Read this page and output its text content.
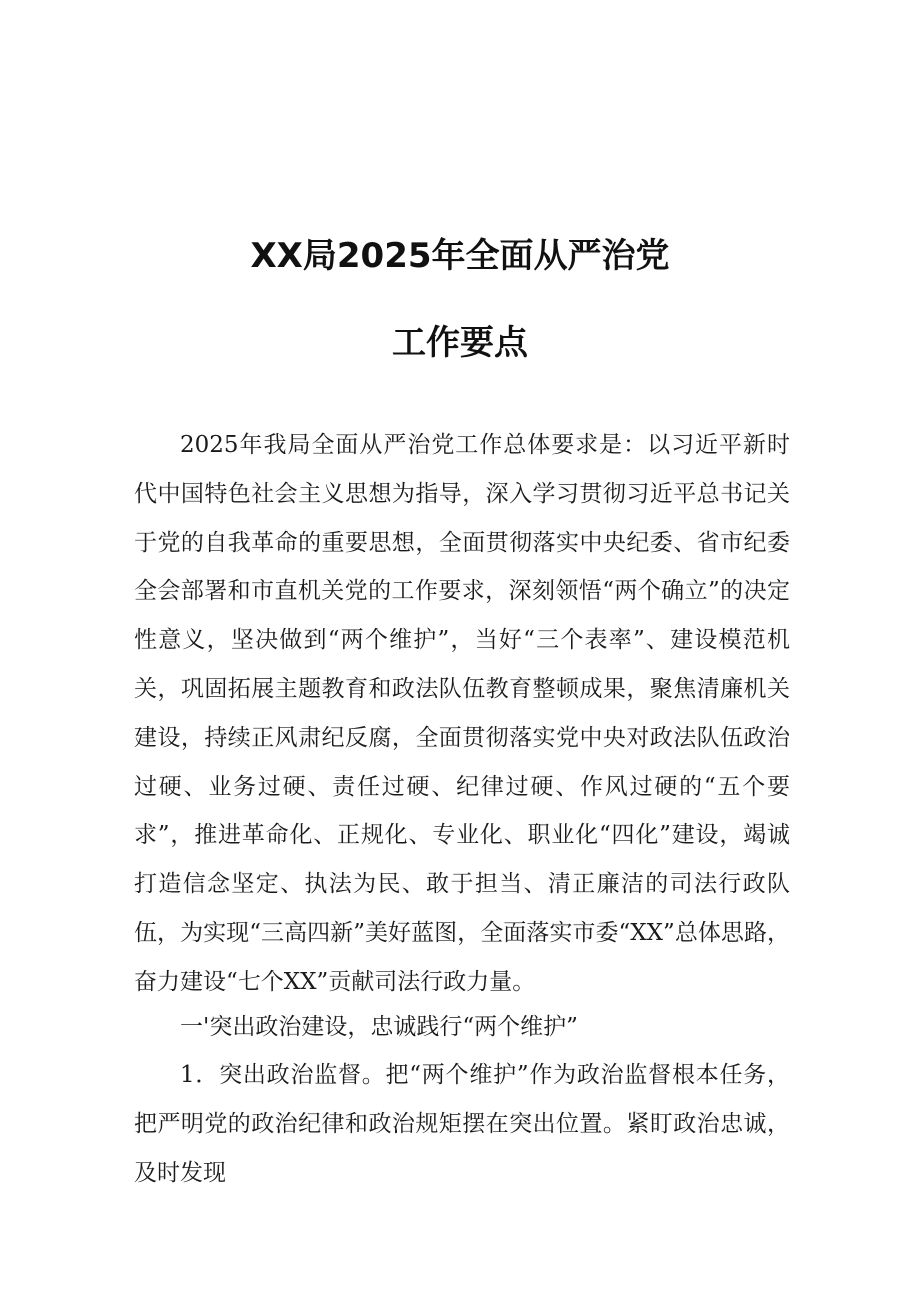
XX局2025年全面从严治党
工作要点

2025年我局全面从严治党工作总体要求是：以习近平新时代中国特色社会主义思想为指导，深入学习贯彻习近平总书记关于党的自我革命的重要思想，全面贯彻落实中央纪委、省市纪委全会部署和市直机关党的工作要求，深刻领悟“两个确立”的决定性意义，坚决做到“两个维护”，当好“三个表率”、建设模范机关，巩固拓展主题教育和政法队伍教育整顿成果，聚焦清廉机关建设，持续正风肃纪反腐，全面贯彻落实党中央对政法队伍政治过硬、业务过硬、责任过硬、纪律过硬、作风过硬的“五个要求”，推进革命化、正规化、专业化、职业化“四化”建设，竭诚打造信念坚定、执法为民、敢于担当、清正廉洁的司法行政队伍，为实现“三高四新”美好蓝图，全面落实市委“XX”总体思路，奋力建设“七个XX”贡献司法行政力量。

一'突出政治建设，忠诚践行“两个维护”

1．突出政治监督。把“两个维护”作为政治监督根本任务，把严明党的政治纪律和政治规矩摆在突出位置。紧盯政治忠诚，及时发现
